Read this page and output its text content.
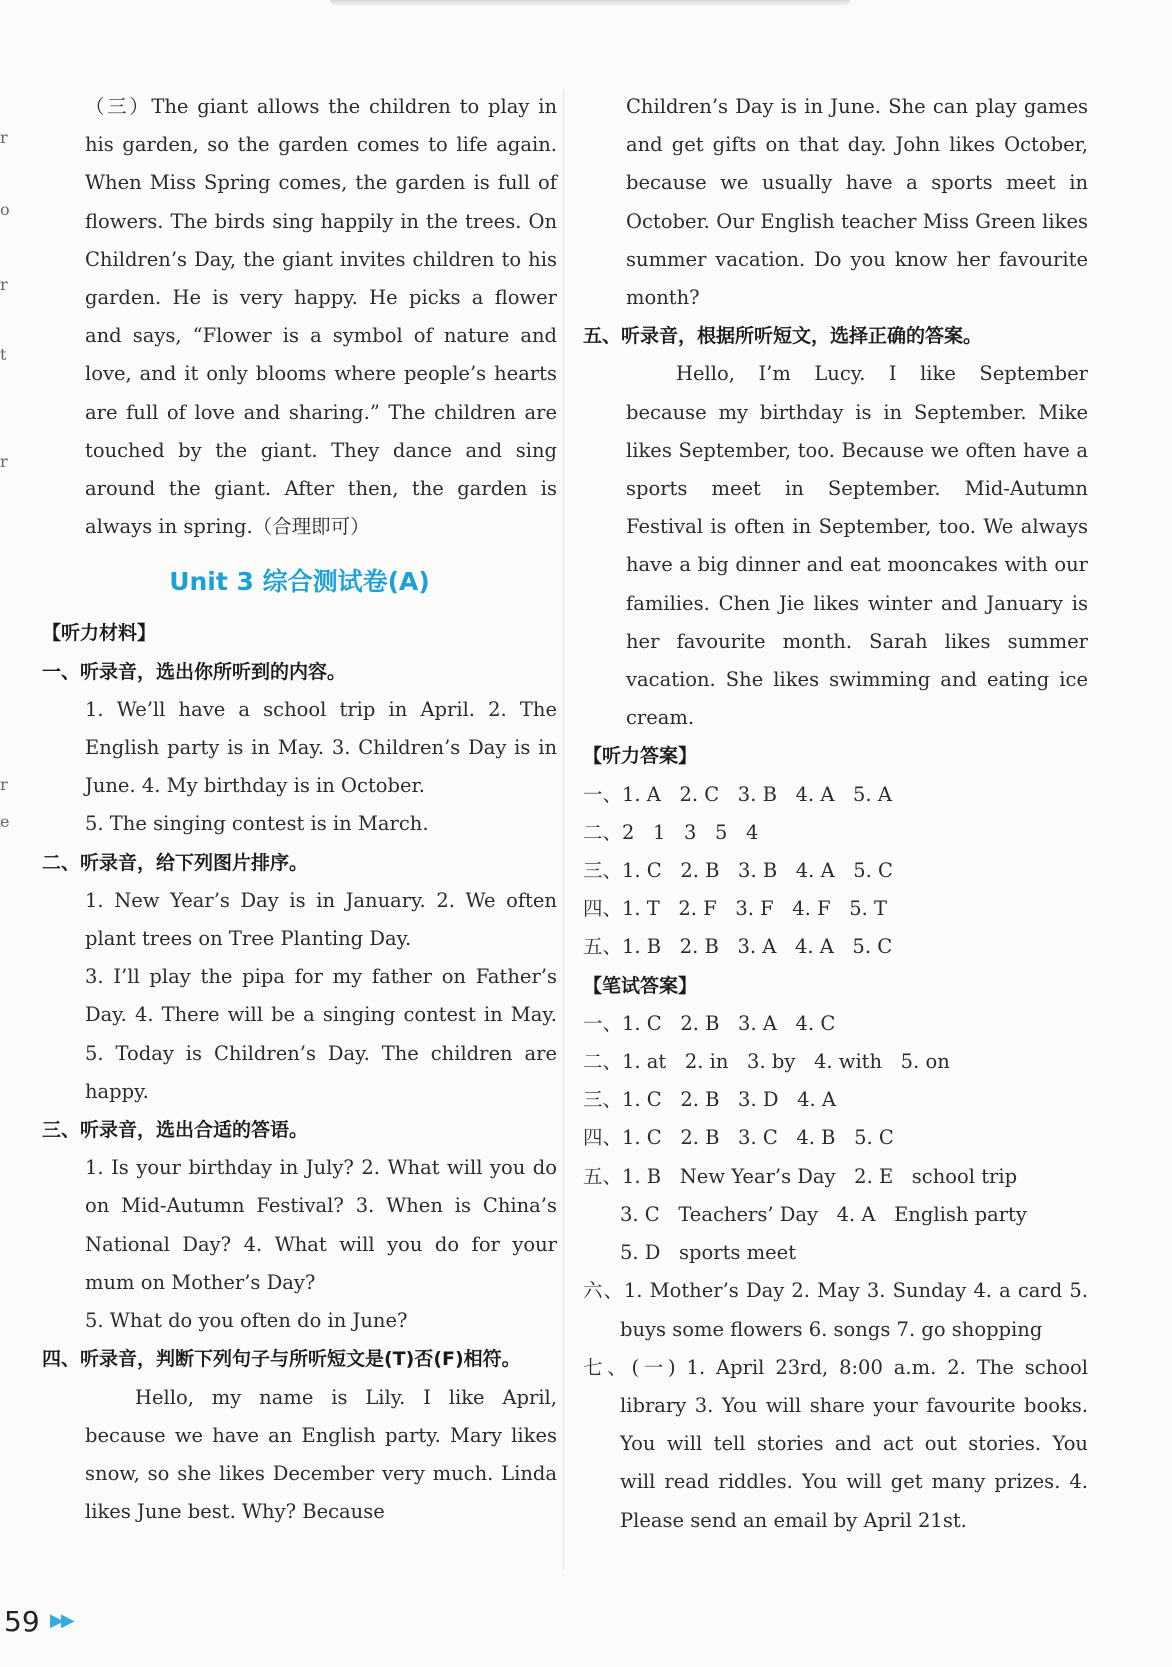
r
o
r
t
r
r
e

（三）The giant allows the children to play in his garden, so the garden comes to life again. When Miss Spring comes, the garden is full of flowers. The birds sing happily in the trees. On Children’s Day, the giant invites children to his garden. He is very happy. He picks a flower and says, “Flower is a symbol of nature and love, and it only blooms where people’s hearts are full of love and sharing.” The children are touched by the giant. They dance and sing around the giant. After then, the garden is always in spring.（合理即可）

Unit 3 综合测试卷(A)
【听力材料】
一、听录音，选出你所听到的内容。

1. We’ll have a school trip in April. 2. The English party is in May. 3. Children’s Day is in June. 4. My birthday is in October.

5. The singing contest is in March.

二、听录音，给下列图片排序。

1. New Year’s Day is in January. 2. We often plant trees on Tree Planting Day.

3. I’ll play the pipa for my father on Father’s Day. 4. There will be a singing contest in May. 5. Today is Children’s Day. The children are happy.

三、听录音，选出合适的答语。

1. Is your birthday in July? 2. What will you do on Mid-Autumn Festival? 3. When is China’s National Day? 4. What will you do for your mum on Mother’s Day?

5. What do you often do in June?

四、听录音，判断下列句子与所听短文是(T)否(F)相符。

Hello, my name is Lily. I like April, because we have an English party. Mary likes snow, so she likes December very much. Linda likes June best. Why? Because

Children’s Day is in June. She can play games and get gifts on that day. John likes October, because we usually have a sports meet in October. Our English teacher Miss Green likes summer vacation. Do you know her favourite month?

五、听录音，根据所听短文，选择正确的答案。

Hello, I’m Lucy. I like September because my birthday is in September. Mike likes September, too. Because we often have a sports meet in September. Mid-Autumn Festival is often in September, too. We always have a big dinner and eat mooncakes with our families. Chen Jie likes winter and January is her favourite month. Sarah likes summer vacation. She likes swimming and eating ice cream.

【听力答案】
一、1. A   2. C   3. B   4. A   5. A
二、2   1   3   5   4
三、1. C   2. B   3. B   4. A   5. C
四、1. T   2. F   3. F   4. F   5. T
五、1. B   2. B   3. A   4. A   5. C
【笔试答案】
一、1. C   2. B   3. A   4. C
二、1. at   2. in   3. by   4. with   5. on
三、1. C   2. B   3. D   4. A
四、1. C   2. B   3. C   4. B   5. C
五、1. B   New Year’s Day   2. E   school trip
3. C   Teachers’ Day   4. A   English party
5. D   sports meet

六、1. Mother’s Day 2. May 3. Sunday 4. a card 5. buys some flowers 6. songs 7. go shopping

七、(一) 1. April 23rd, 8:00 a.m. 2. The school library 3. You will share your favourite books. You will tell stories and act out stories. You will read riddles. You will get many prizes. 4. Please send an email by April 21st.

59 ▶▶
